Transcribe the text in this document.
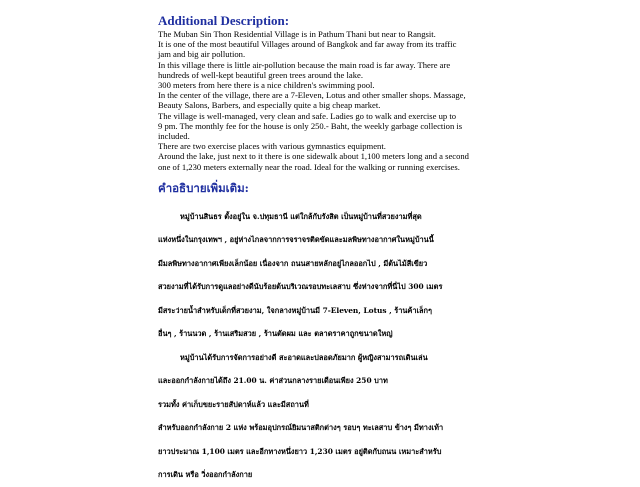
Additional Description:
The Muban Sin Thon Residential Village is in Pathum Thani but near to Rangsit.
It is one of the most beautiful Villages around of Bangkok and far away from its traffic
jam and big air pollution.
In this village there is little air-pollution because the main road is far away. There are
hundreds of well-kept beautiful green trees around the lake.
300 meters from here there is a nice children's swimming pool.
In the center of the village, there are a 7-Eleven, Lotus and other smaller shops. Massage,
Beauty Salons, Barbers, and especially quite a big cheap market.
The village is well-managed, very clean and safe. Ladies go to walk and exercise up to
9 pm. The monthly fee for the house is only 250.- Baht, the weekly garbage collection is
included.
There are two exercise places with various gymnastics equipment.
Around the lake, just next to it there is one sidewalk about 1,100 meters long and a second
one of 1,230 meters externally near the road. Ideal for the walking or running exercises.
คำอธิบายเพิ่มเติม:
หมู่บ้านสินธร ตั้งอยู่ใน จ.ปทุมธานี แต่ใกล้กับรังสิต เป็นหมู่บ้านที่สวยงามที่สุด
แห่งหนึ่งในกรุงเทพฯ , อยู่ห่างไกลจากการจราจรติดขัดและมลพิษทางอากาศในหมู่บ้านนี้
มีมลพิษทางอากาศเพียงเล็กน้อย เนื่องจาก ถนนสายหลักอยู่ไกลออกไป , มีต้นไม้สีเขียว
สวยงามที่ได้รับการดูแลอย่างดีนับร้อยต้นบริเวณรอบทะเลสาบ ซึ่งห่างจากที่นี่ไป 300 เมตร
มีสระว่ายน้ำสำหรับเด็กที่สวยงาม, ใจกลางหมู่บ้านมี 7-Eleven, Lotus , ร้านค้าเล็กๆ
อื่นๆ , ร้านนวด , ร้านเสริมสวย , ร้านตัดผม และ ตลาดราคาถูกขนาดใหญ่
หมู่บ้านได้รับการจัดการอย่างดี สะอาดและปลอดภัยมาก ผู้หญิงสามารถเดินเล่น
และออกกำลังกายได้ถึง 21.00 น. ค่าส่วนกลางรายเดือนเพียง 250 บาท
รวมทั้ง ค่าเก็บขยะรายสัปดาห์แล้ว และมีสถานที่
สำหรับออกกำลังกาย 2 แห่ง พร้อมอุปกรณ์ยิมนาสติกต่างๆ รอบๆ ทะเลสาบ ข้างๆ มีทางเท้า
ยาวประมาณ 1,100 เมตร และอีกทางหนึ่งยาว 1,230 เมตร อยู่ติดกับถนน เหมาะสำหรับ
การเดิน หรือ วิ่งออกกำลังกาย
